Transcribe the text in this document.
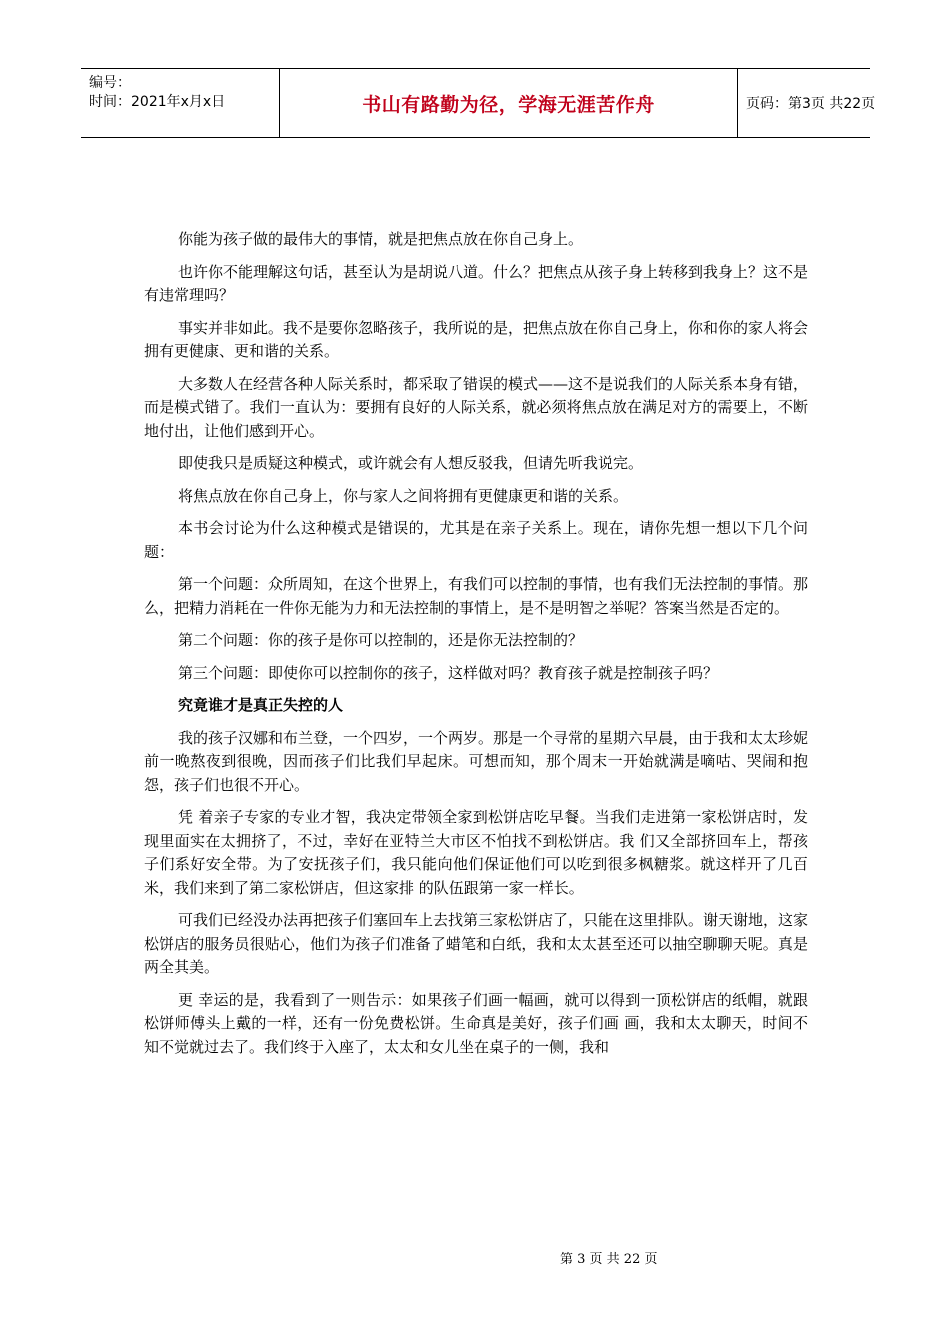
编号：
时间：2021年x月x日	书山有路勤为径，学海无涯苦作舟	页码：第3页 共22页

你能为孩子做的最伟大的事情，就是把焦点放在你自己身上。

也许你不能理解这句话，甚至认为是胡说八道。什么？把焦点从孩子身上转移到我身上？这不是有违常理吗？

事实并非如此。我不是要你忽略孩子，我所说的是，把焦点放在你自己身上，你和你的家人将会拥有更健康、更和谐的关系。

大多数人在经营各种人际关系时，都采取了错误的模式——这不是说我们的人际关系本身有错，而是模式错了。我们一直认为：要拥有良好的人际关系，就必须将焦点放在满足对方的需要上，不断地付出，让他们感到开心。

即使我只是质疑这种模式，或许就会有人想反驳我，但请先听我说完。

将焦点放在你自己身上，你与家人之间将拥有更健康更和谐的关系。

本书会讨论为什么这种模式是错误的，尤其是在亲子关系上。现在，请你先想一想以下几个问题：

第一个问题：众所周知，在这个世界上，有我们可以控制的事情，也有我们无法控制的事情。那么，把精力消耗在一件你无能为力和无法控制的事情上，是不是明智之举呢？答案当然是否定的。

第二个问题：你的孩子是你可以控制的，还是你无法控制的？

第三个问题：即使你可以控制你的孩子，这样做对吗？教育孩子就是控制孩子吗？

究竟谁才是真正失控的人

我的孩子汉娜和布兰登，一个四岁，一个两岁。那是一个寻常的星期六早晨，由于我和太太珍妮前一晚熬夜到很晚，因而孩子们比我们早起床。可想而知，那个周末一开始就满是嘀咕、哭闹和抱怨，孩子们也很不开心。

凭 着亲子专家的专业才智，我决定带领全家到松饼店吃早餐。当我们走进第一家松饼店时，发现里面实在太拥挤了，不过，幸好在亚特兰大市区不怕找不到松饼店。我 们又全部挤回车上，帮孩子们系好安全带。为了安抚孩子们，我只能向他们保证他们可以吃到很多枫糖浆。就这样开了几百米，我们来到了第二家松饼店，但这家排 的队伍跟第一家一样长。

可我们已经没办法再把孩子们塞回车上去找第三家松饼店了，只能在这里排队。谢天谢地，这家松饼店的服务员很贴心，他们为孩子们准备了蜡笔和白纸，我和太太甚至还可以抽空聊聊天呢。真是两全其美。

更 幸运的是，我看到了一则告示：如果孩子们画一幅画，就可以得到一顶松饼店的纸帽，就跟松饼师傅头上戴的一样，还有一份免费松饼。生命真是美好，孩子们画 画，我和太太聊天，时间不知不觉就过去了。我们终于入座了，太太和女儿坐在桌子的一侧，我和

第 3 页 共 22 页
